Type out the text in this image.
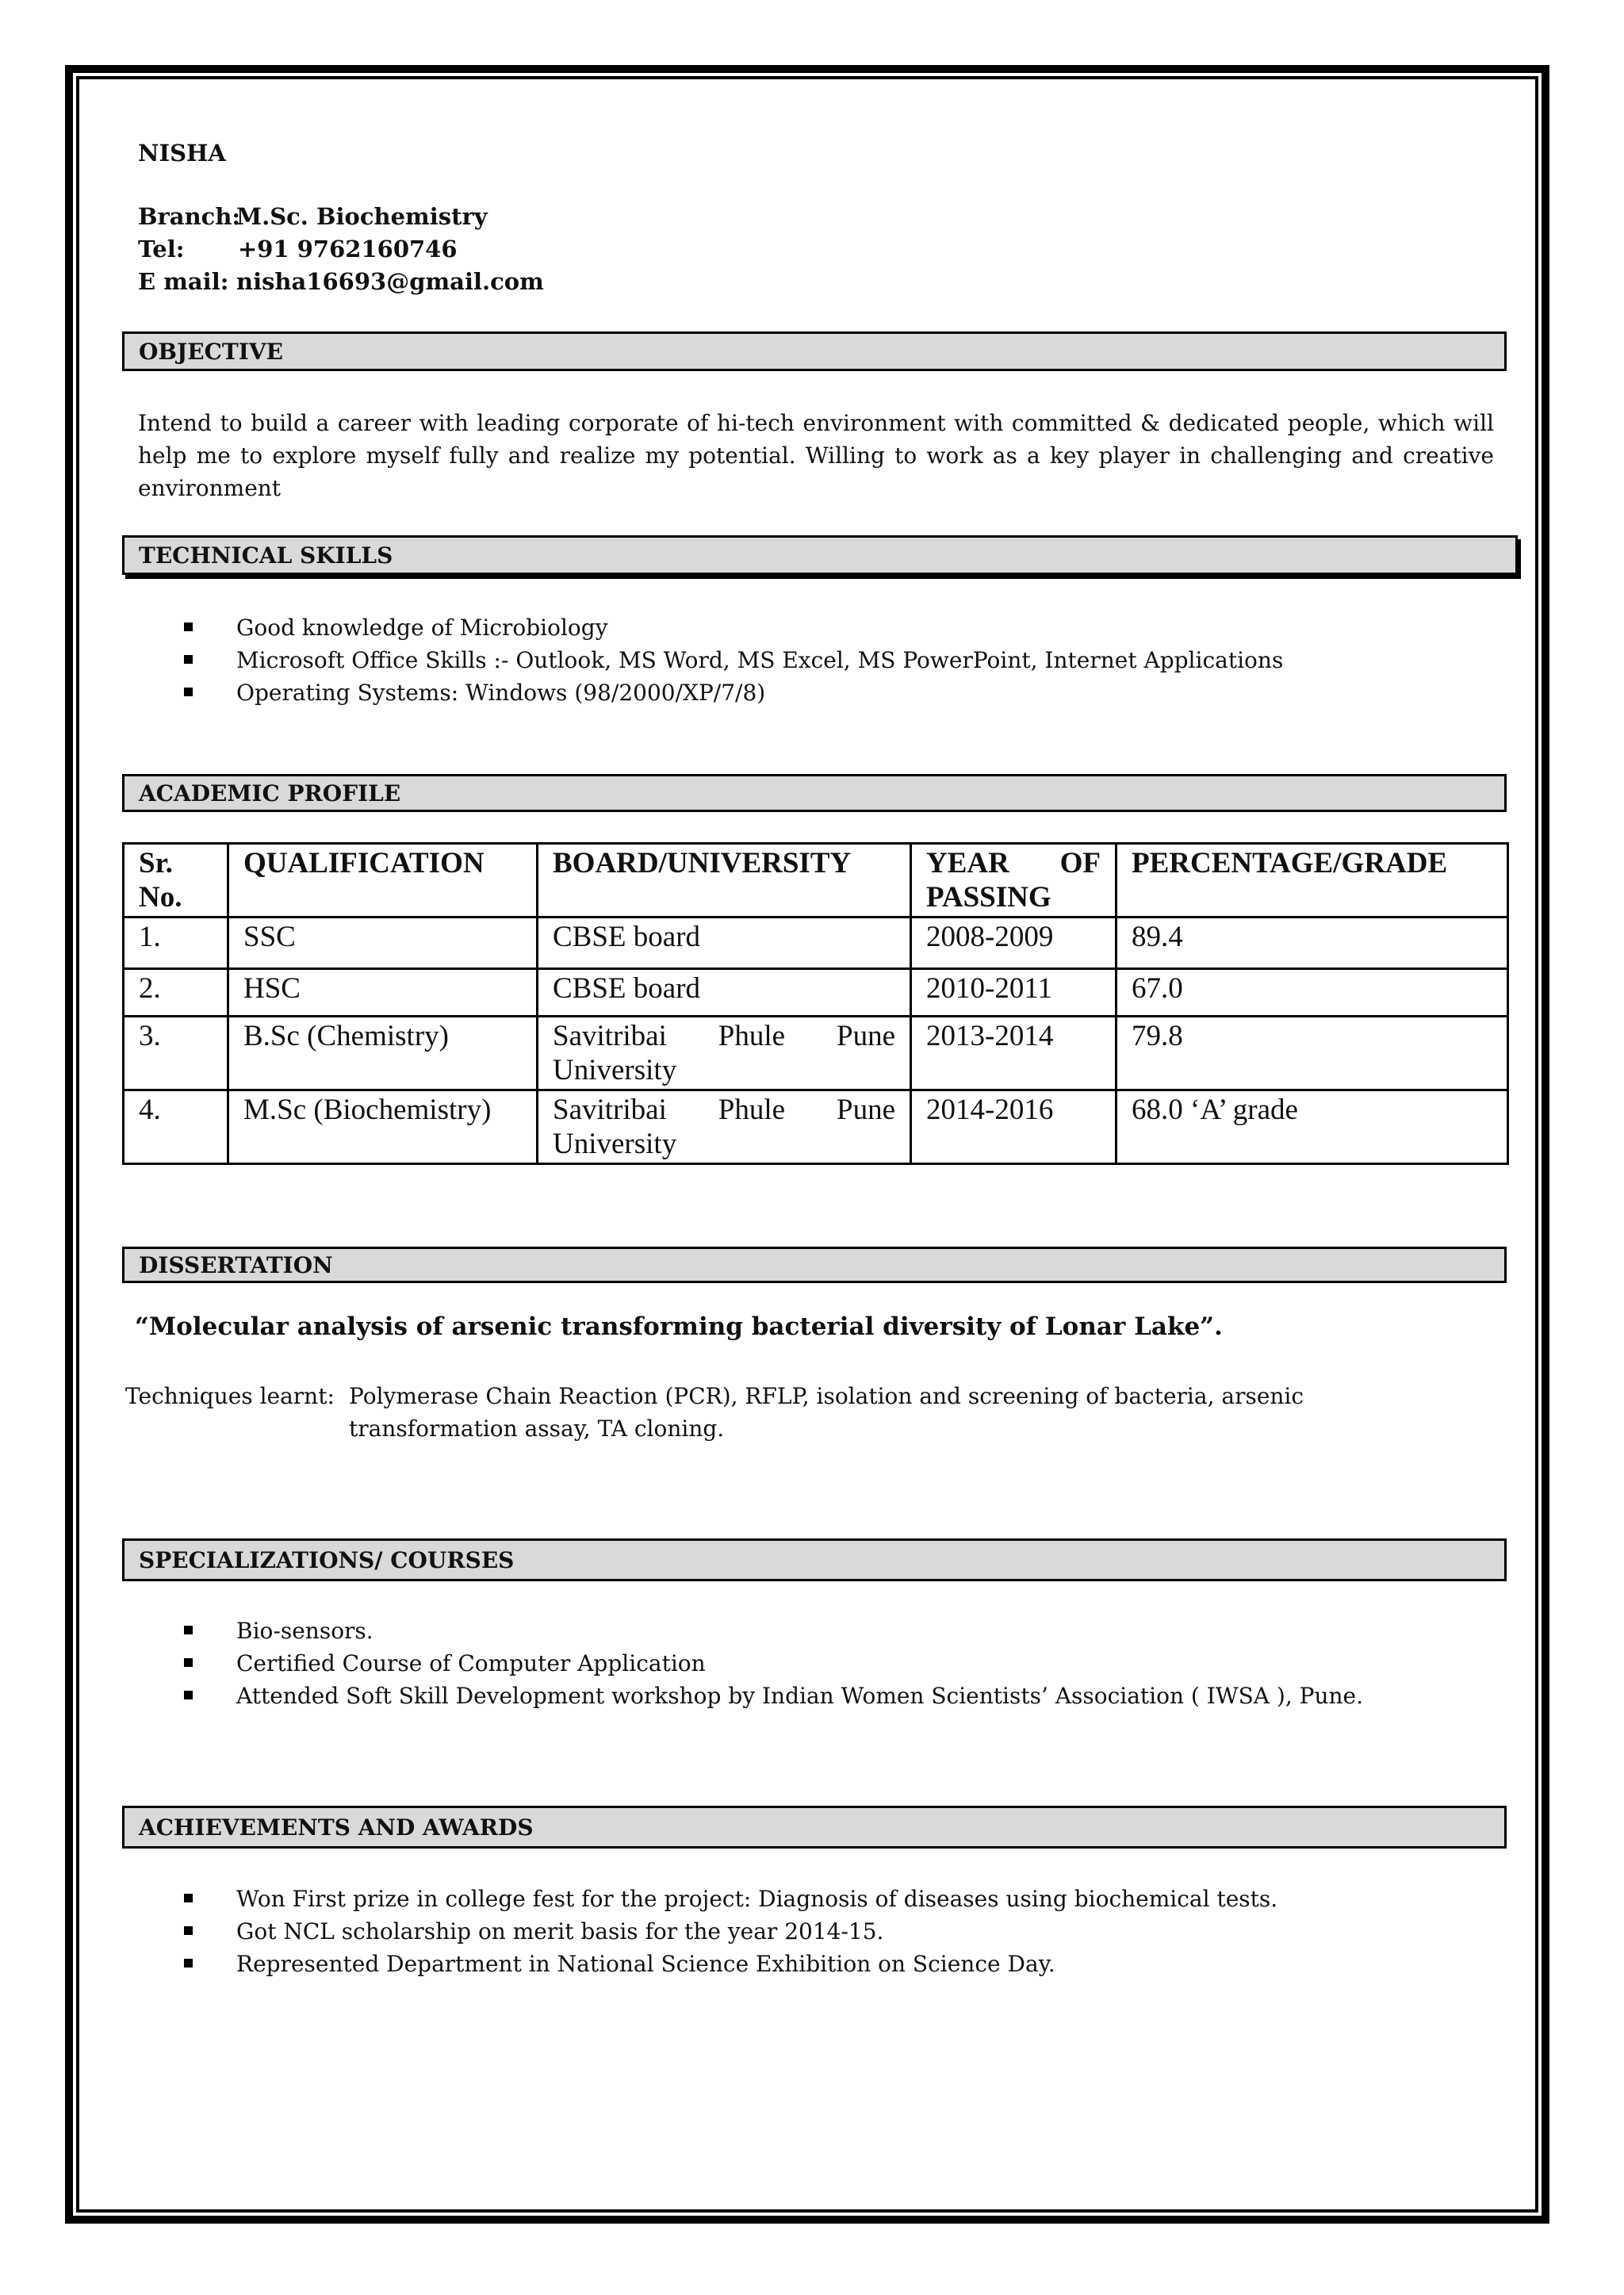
NISHA
Branch:M.Sc. Biochemistry
Tel: +91 9762160746
E mail: nisha16693@gmail.com
OBJECTIVE
Intend to build a career with leading corporate of hi-tech environment with committed & dedicated people, which will help me to explore myself fully and realize my potential. Willing to work as a key player in challenging and creative environment
TECHNICAL SKILLS
Good knowledge of Microbiology
Microsoft Office Skills :- Outlook, MS Word, MS Excel, MS PowerPoint, Internet Applications
Operating Systems: Windows (98/2000/XP/7/8)
ACADEMIC PROFILE
Sr. No.	QUALIFICATION	BOARD/UNIVERSITY	YEAR OF PASSING	PERCENTAGE/GRADE
1.	SSC	CBSE board	2008-2009	89.4
2.	HSC	CBSE board	2010-2011	67.0
3.	B.Sc (Chemistry)	Savitribai Phule Pune University	2013-2014	79.8
4.	M.Sc (Biochemistry)	Savitribai Phule Pune University	2014-2016	68.0 ‘A’ grade
DISSERTATION
“Molecular analysis of arsenic transforming bacterial diversity of Lonar Lake”.
Techniques learnt: Polymerase Chain Reaction (PCR), RFLP, isolation and screening of bacteria, arsenic
transformation assay, TA cloning.
SPECIALIZATIONS/ COURSES
Bio-sensors.
Certified Course of Computer Application
Attended Soft Skill Development workshop by Indian Women Scientists’ Association ( IWSA ), Pune.
ACHIEVEMENTS AND AWARDS
Won First prize in college fest for the project: Diagnosis of diseases using biochemical tests.
Got NCL scholarship on merit basis for the year 2014-15.
Represented Department in National Science Exhibition on Science Day.
